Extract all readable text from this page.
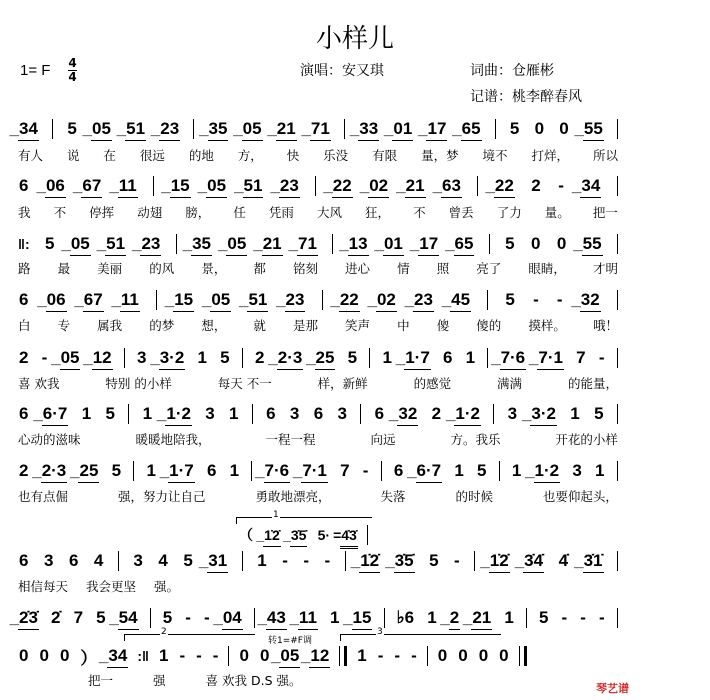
小样儿
1= F 4
4	演唱：安又琪	词曲：仓雁彬
记谱：桃李醉春风
_34 5 _05 _51 _23 _35 _05 _21 _71 _33 _01 _17 _65 5 0 0 _55
有人 说 在 很远 的地 方， 快 乐没 有限 量，梦 境不 打烊， 所以
6 _06 _67 _11 _15 _05 _51 _23 _22 _02 _21 _63 _22 2 - _34
我 不 停挥 动翅 膀， 任 凭雨 大风 狂， 不 曾丢 了力 量。 把一
‖: 5 _05 _51 _23 _35 _05 _21 _71 _13 _01 _17 _65 5 0 0 _55
路 最 美丽 的风 景， 都 铭刻 进心 情 照 亮了 眼睛， 才明
6 _06 _67 _11 _15 _05 _51 _23 _22 _02 _23 _45 5 - - _32
白 专 属我 的梦 想， 就 是那 笑声 中 傻 傻的 摸样。 哦！
2 - _05 _12 3 _3·2 1 5 2 _2·3 _25 5 1 _1·7 6 1 _7·6 _7·1 7 -
喜 欢我	特别 的小样	每天 不一	样，新鲜	的感觉	满满	的能量，
6 _6·7 1 5 1 _1·2 3 1 6 3 6 3 6 _32 2 _1·2 3 _3·2 1 5
心动的滋味	暖暖地陪我，	一程一程	向远	方。我乐	开花的小样
2 _2·3 _25 5 1 _1·7 6 1 _7·6 _7·1 7 - 6 _6·7 1 5 1 _1·2 3 1
也有点倔	强，努力让自己	勇敢地漂亮，	失落	的时候	也要仰起头，
6 3 6 4 3 4 5 _31 1 - - - _1̇2̇ _3̇5̇ 5 - _1̇2̇ _3̇4̇ 4̇ _3̇1̇
相信每天 我会更坚 强。
_2̇3̇ 2̇ 7 5 _54 5 - - _04 _43 _11 1 _15 ♭6 1 _2 _21 1 5 - - -
0 0 0 ） _34 :‖ 1 - - - 0 0 _05 _12 1 - - - 0 0 0 0
把一	强	喜 欢我 D.S 强。
1
（ _1̇2̇ _3̇5̇ 5· =4̇3̇
2
转1=#F调
3
琴艺谱
